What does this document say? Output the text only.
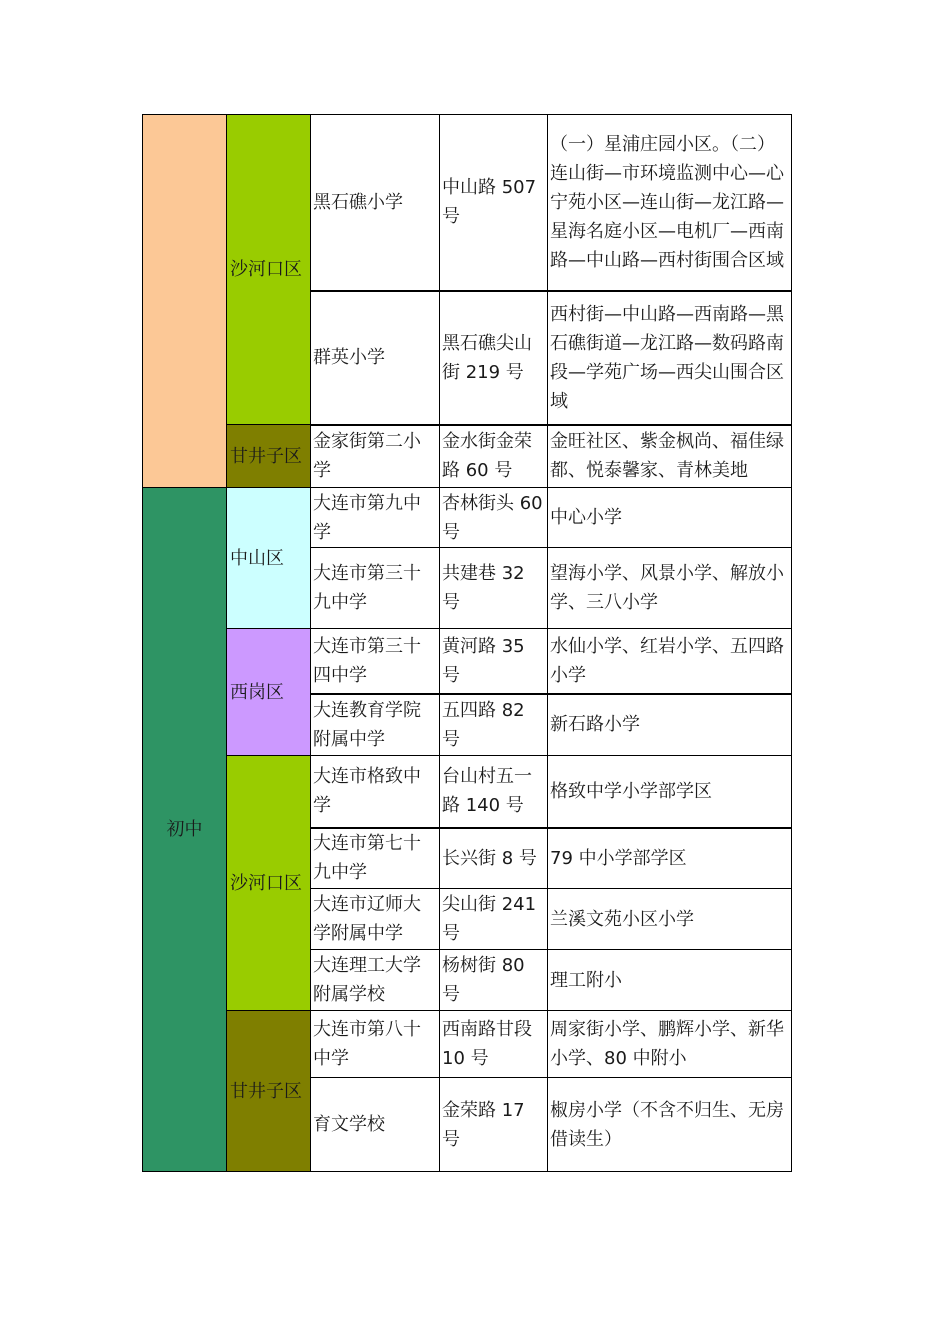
	沙河口区	黑石礁小学	中山路 507 号	（一）星浦庄园小区。（二）连山街—市环境监测中心—心宁苑小区—连山街—龙江路—星海名庭小区—电机厂—西南路—中山路—西村街围合区域
		群英小学	黑石礁尖山街 219 号	西村街—中山路—西南路—黑石礁街道—龙江路—数码路南段—学苑广场—西尖山围合区域
	甘井子区	金家街第二小学	金水街金荣路 60 号	金旺社区、紫金枫尚、福佳绿都、悦泰馨家、青林美地
初中	中山区	大连市第九中学	杏林街头 60 号	中心小学
		大连市第三十九中学	共建巷 32 号	望海小学、风景小学、解放小学、三八小学
	西岗区	大连市第三十四中学	黄河路 35 号	水仙小学、红岩小学、五四路小学
		大连教育学院附属中学	五四路 82 号	新石路小学
	沙河口区	大连市格致中学	台山村五一路 140 号	格致中学小学部学区
		大连市第七十九中学	长兴街 8 号	79 中小学部学区
		大连市辽师大学附属中学	尖山街 241 号	兰溪文苑小区小学
		大连理工大学附属学校	杨树街 80 号	理工附小
	甘井子区	大连市第八十中学	西南路甘段 10 号	周家街小学、鹏辉小学、新华小学、80 中附小
		育文学校	金荣路 17 号	椒房小学（不含不归生、无房借读生）
